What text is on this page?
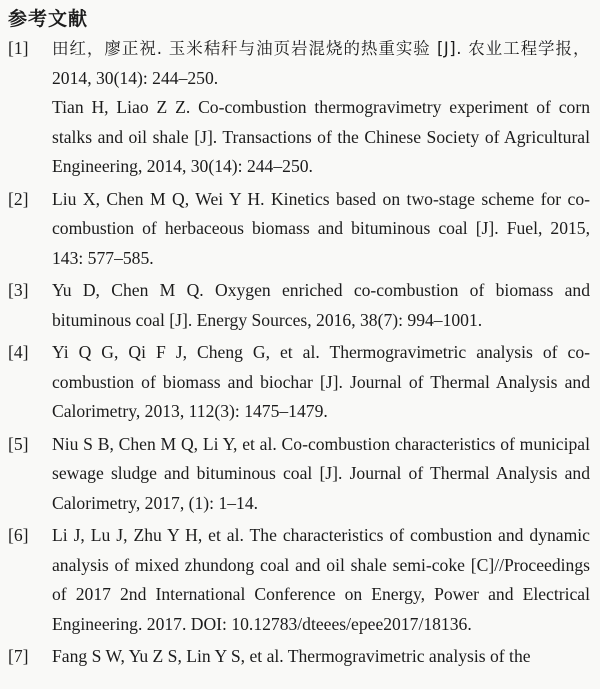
参考文献
[1]	田红，廖正祝. 玉米秸秆与油页岩混烧的热重实验 [J]. 农业工程学报，2014, 30(14): 244–250.

Tian H, Liao Z Z. Co-combustion thermogravimetry experiment of corn stalks and oil shale [J]. Transactions of the Chinese Society of Agricultural Engineering, 2014, 30(14): 244–250.

[2]	Liu X, Chen M Q, Wei Y H. Kinetics based on two-stage scheme for co-combustion of herbaceous biomass and bituminous coal [J]. Fuel, 2015, 143: 577–585.

[3]	Yu D, Chen M Q. Oxygen enriched co-combustion of biomass and bituminous coal [J]. Energy Sources, 2016, 38(7): 994–1001.

[4]	Yi Q G, Qi F J, Cheng G, et al. Thermogravimetric analysis of co-combustion of biomass and biochar [J]. Journal of Thermal Analysis and Calorimetry, 2013, 112(3): 1475–1479.

[5]	Niu S B, Chen M Q, Li Y, et al. Co-combustion characteristics of municipal sewage sludge and bituminous coal [J]. Journal of Thermal Analysis and Calorimetry, 2017, (1): 1–14.

[6]	Li J, Lu J, Zhu Y H, et al. The characteristics of combustion and dynamic analysis of mixed zhundong coal and oil shale semi-coke [C]//Proceedings of 2017 2nd International Conference on Energy, Power and Electrical Engineering. 2017. DOI: 10.12783/dteees/epee2017/18136.

[7]	Fang S W, Yu Z S, Lin Y S, et al. Thermogravimetric analysis of the
